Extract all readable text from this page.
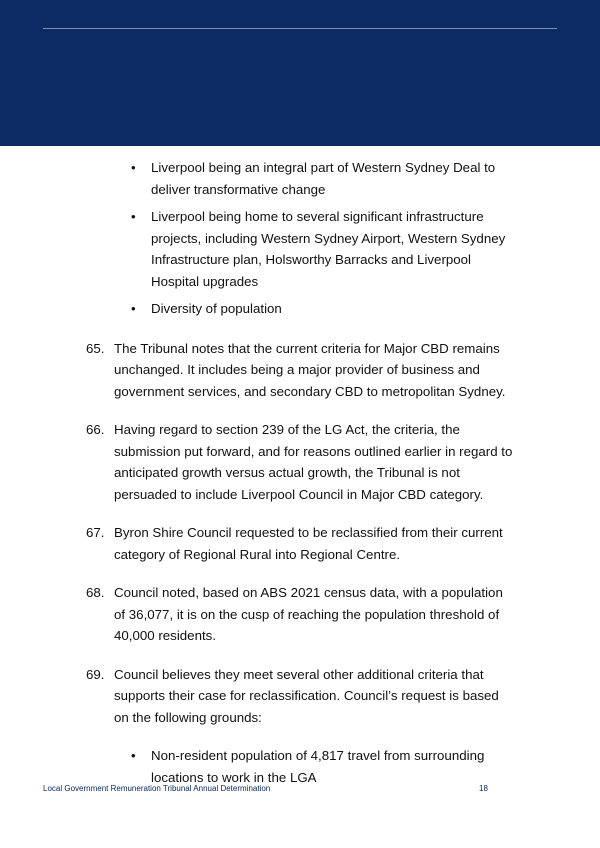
• Liverpool being an integral part of Western Sydney Deal to deliver transformative change
• Liverpool being home to several significant infrastructure projects, including Western Sydney Airport, Western Sydney Infrastructure plan, Holsworthy Barracks and Liverpool Hospital upgrades
• Diversity of population
65. The Tribunal notes that the current criteria for Major CBD remains unchanged. It includes being a major provider of business and government services, and secondary CBD to metropolitan Sydney.
66. Having regard to section 239 of the LG Act, the criteria, the submission put forward, and for reasons outlined earlier in regard to anticipated growth versus actual growth, the Tribunal is not persuaded to include Liverpool Council in Major CBD category.
67. Byron Shire Council requested to be reclassified from their current category of Regional Rural into Regional Centre.
68. Council noted, based on ABS 2021 census data, with a population of 36,077, it is on the cusp of reaching the population threshold of 40,000 residents.
69. Council believes they meet several other additional criteria that supports their case for reclassification. Council’s request is based on the following grounds:
• Non-resident population of 4,817 travel from surrounding locations to work in the LGA
Local Government Remuneration Tribunal Annual Determination	18
